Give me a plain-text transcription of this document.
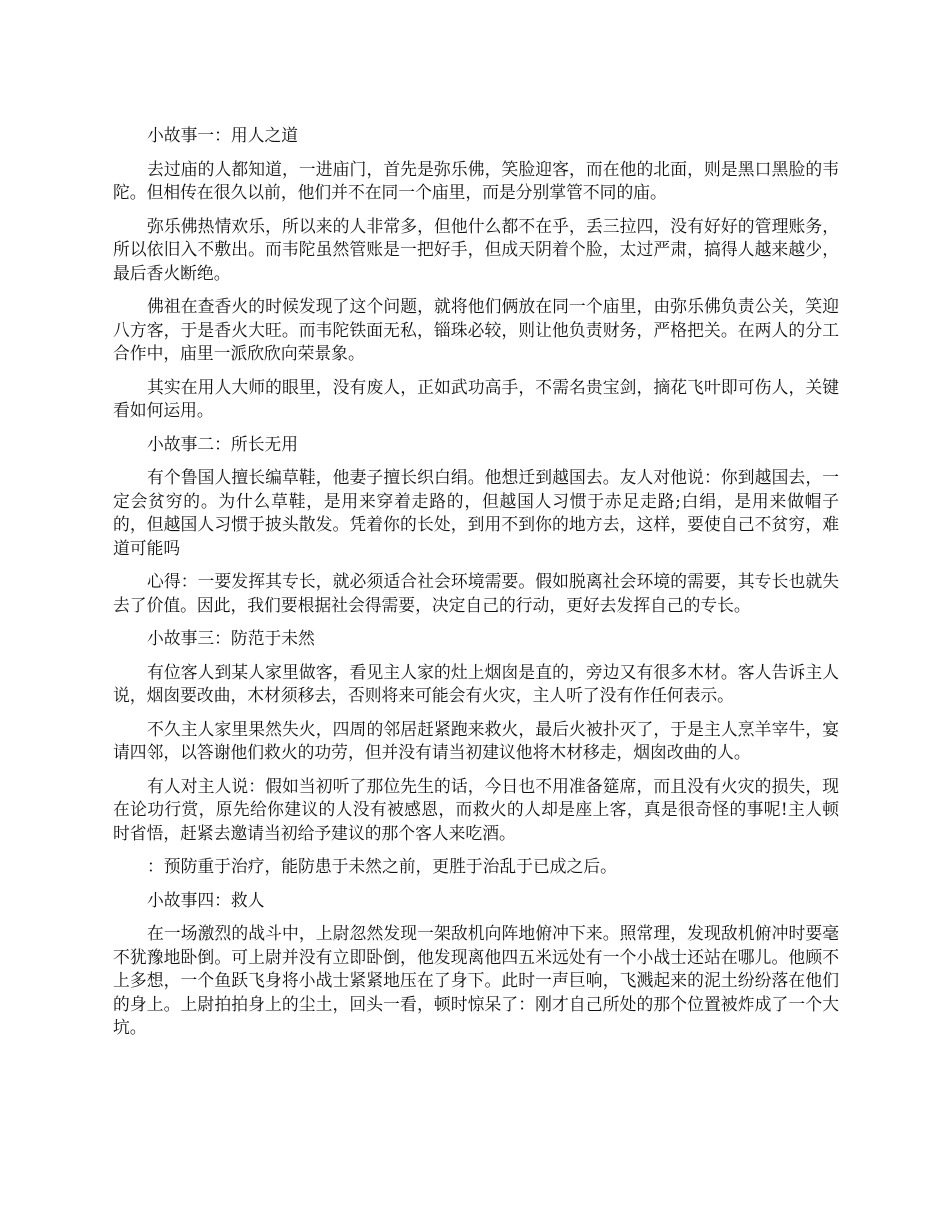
小故事一：用人之道

去过庙的人都知道，一进庙门，首先是弥乐佛，笑脸迎客，而在他的北面，则是黑口黑脸的韦陀。但相传在很久以前，他们并不在同一个庙里，而是分别掌管不同的庙。

弥乐佛热情欢乐，所以来的人非常多，但他什么都不在乎，丢三拉四，没有好好的管理账务，所以依旧入不敷出。而韦陀虽然管账是一把好手，但成天阴着个脸，太过严肃，搞得人越来越少，最后香火断绝。

佛祖在查香火的时候发现了这个问题，就将他们俩放在同一个庙里，由弥乐佛负责公关，笑迎八方客，于是香火大旺。而韦陀铁面无私，锱珠必较，则让他负责财务，严格把关。在两人的分工合作中，庙里一派欣欣向荣景象。

其实在用人大师的眼里，没有废人，正如武功高手，不需名贵宝剑，摘花飞叶即可伤人，关键看如何运用。

小故事二：所长无用

有个鲁国人擅长编草鞋，他妻子擅长织白绢。他想迁到越国去。友人对他说：你到越国去，一定会贫穷的。为什么草鞋，是用来穿着走路的，但越国人习惯于赤足走路;白绢，是用来做帽子的，但越国人习惯于披头散发。凭着你的长处，到用不到你的地方去，这样，要使自己不贫穷，难道可能吗

心得：一要发挥其专长，就必须适合社会环境需要。假如脱离社会环境的需要，其专长也就失去了价值。因此，我们要根据社会得需要，决定自己的行动，更好去发挥自己的专长。

小故事三：防范于未然

有位客人到某人家里做客，看见主人家的灶上烟囱是直的，旁边又有很多木材。客人告诉主人说，烟囱要改曲，木材须移去，否则将来可能会有火灾，主人听了没有作任何表示。

不久主人家里果然失火，四周的邻居赶紧跑来救火，最后火被扑灭了，于是主人烹羊宰牛，宴请四邻，以答谢他们救火的功劳，但并没有请当初建议他将木材移走，烟囱改曲的人。

有人对主人说：假如当初听了那位先生的话，今日也不用准备筵席，而且没有火灾的损失，现在论功行赏，原先给你建议的人没有被感恩，而救火的人却是座上客，真是很奇怪的事呢!主人顿时省悟，赶紧去邀请当初给予建议的那个客人来吃酒。

：预防重于治疗，能防患于未然之前，更胜于治乱于已成之后。

小故事四：救人

在一场激烈的战斗中，上尉忽然发现一架敌机向阵地俯冲下来。照常理，发现敌机俯冲时要毫不犹豫地卧倒。可上尉并没有立即卧倒，他发现离他四五米远处有一个小战士还站在哪儿。他顾不上多想，一个鱼跃飞身将小战士紧紧地压在了身下。此时一声巨响，飞溅起来的泥土纷纷落在他们的身上。上尉拍拍身上的尘土，回头一看，顿时惊呆了：刚才自己所处的那个位置被炸成了一个大坑。
